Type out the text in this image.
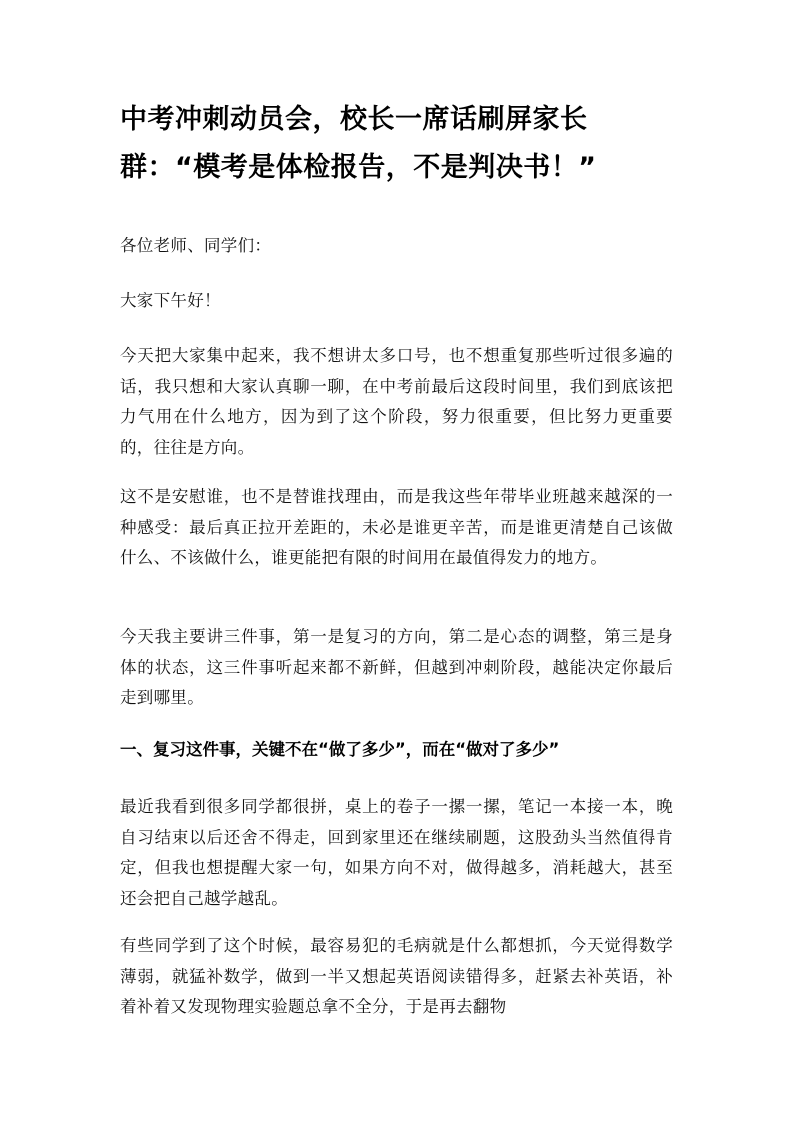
中考冲刺动员会，校长一席话刷屏家长群：“模考是体检报告，不是判决书！”

各位老师、同学们：

大家下午好！

今天把大家集中起来，我不想讲太多口号，也不想重复那些听过很多遍的话，我只想和大家认真聊一聊，在中考前最后这段时间里，我们到底该把力气用在什么地方，因为到了这个阶段，努力很重要，但比努力更重要的，往往是方向。

这不是安慰谁，也不是替谁找理由，而是我这些年带毕业班越来越深的一种感受：最后真正拉开差距的，未必是谁更辛苦，而是谁更清楚自己该做什么、不该做什么，谁更能把有限的时间用在最值得发力的地方。

今天我主要讲三件事，第一是复习的方向，第二是心态的调整，第三是身体的状态，这三件事听起来都不新鲜，但越到冲刺阶段，越能决定你最后走到哪里。

一、复习这件事，关键不在“做了多少”，而在“做对了多少”

最近我看到很多同学都很拼，桌上的卷子一摞一摞，笔记一本接一本，晚自习结束以后还舍不得走，回到家里还在继续刷题，这股劲头当然值得肯定，但我也想提醒大家一句，如果方向不对，做得越多，消耗越大，甚至还会把自己越学越乱。

有些同学到了这个时候，最容易犯的毛病就是什么都想抓，今天觉得数学薄弱，就猛补数学，做到一半又想起英语阅读错得多，赶紧去补英语，补着补着又发现物理实验题总拿不全分，于是再去翻物
